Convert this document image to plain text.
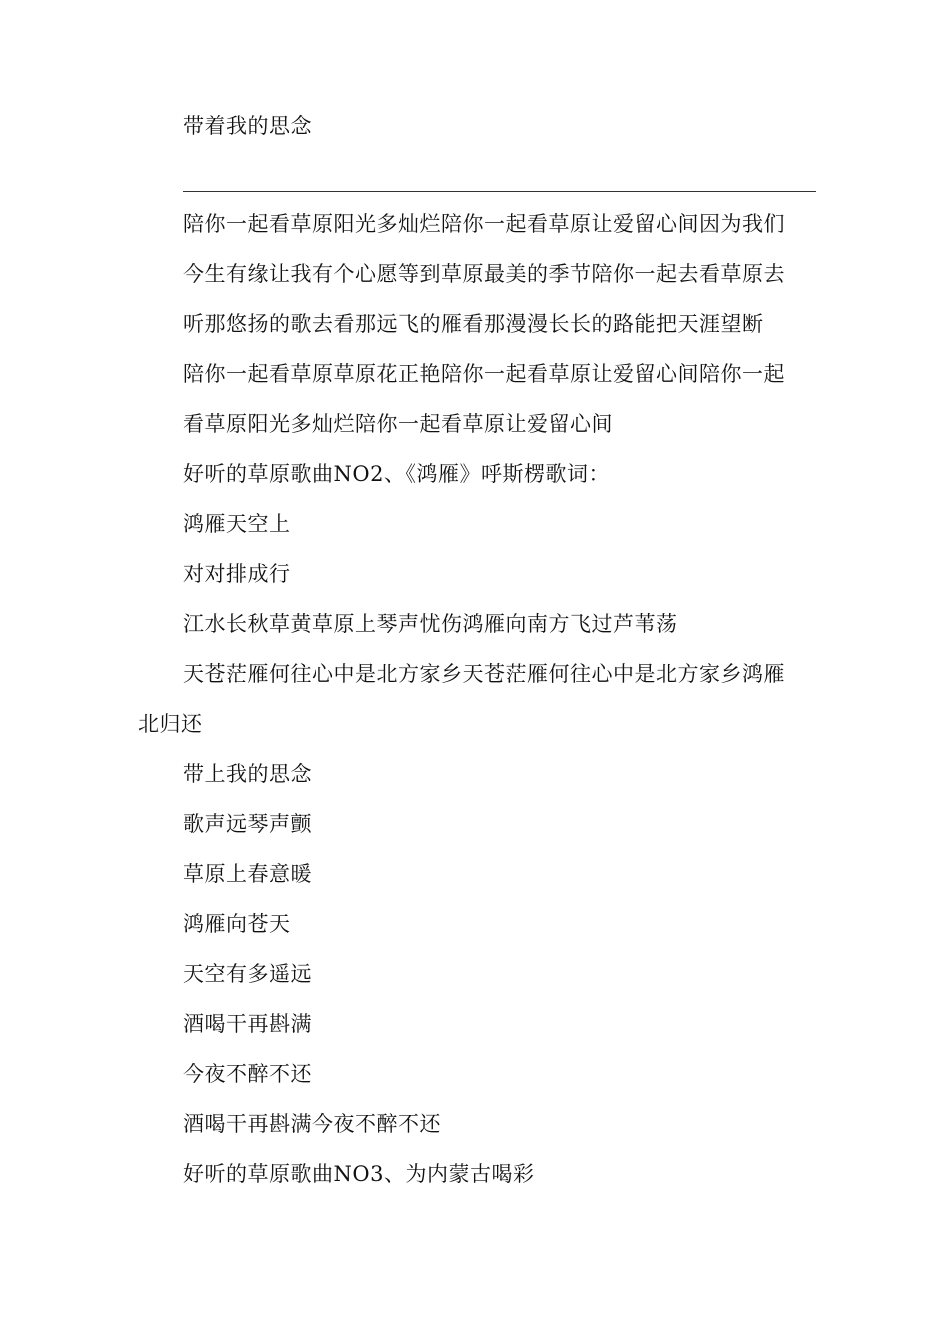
带着我的思念
陪你一起看草原阳光多灿烂陪你一起看草原让爱留心间因为我们
今生有缘让我有个心愿等到草原最美的季节陪你一起去看草原去
听那悠扬的歌去看那远飞的雁看那漫漫长长的路能把天涯望断
陪你一起看草原草原花正艳陪你一起看草原让爱留心间陪你一起
看草原阳光多灿烂陪你一起看草原让爱留心间
好听的草原歌曲NO2、《鸿雁》呼斯楞歌词：
鸿雁天空上
对对排成行
江水长秋草黄草原上琴声忧伤鸿雁向南方飞过芦苇荡
天苍茫雁何往心中是北方家乡天苍茫雁何往心中是北方家乡鸿雁
北归还
带上我的思念
歌声远琴声颤
草原上春意暖
鸿雁向苍天
天空有多遥远
酒喝干再斟满
今夜不醉不还
酒喝干再斟满今夜不醉不还
好听的草原歌曲NO3、为内蒙古喝彩
